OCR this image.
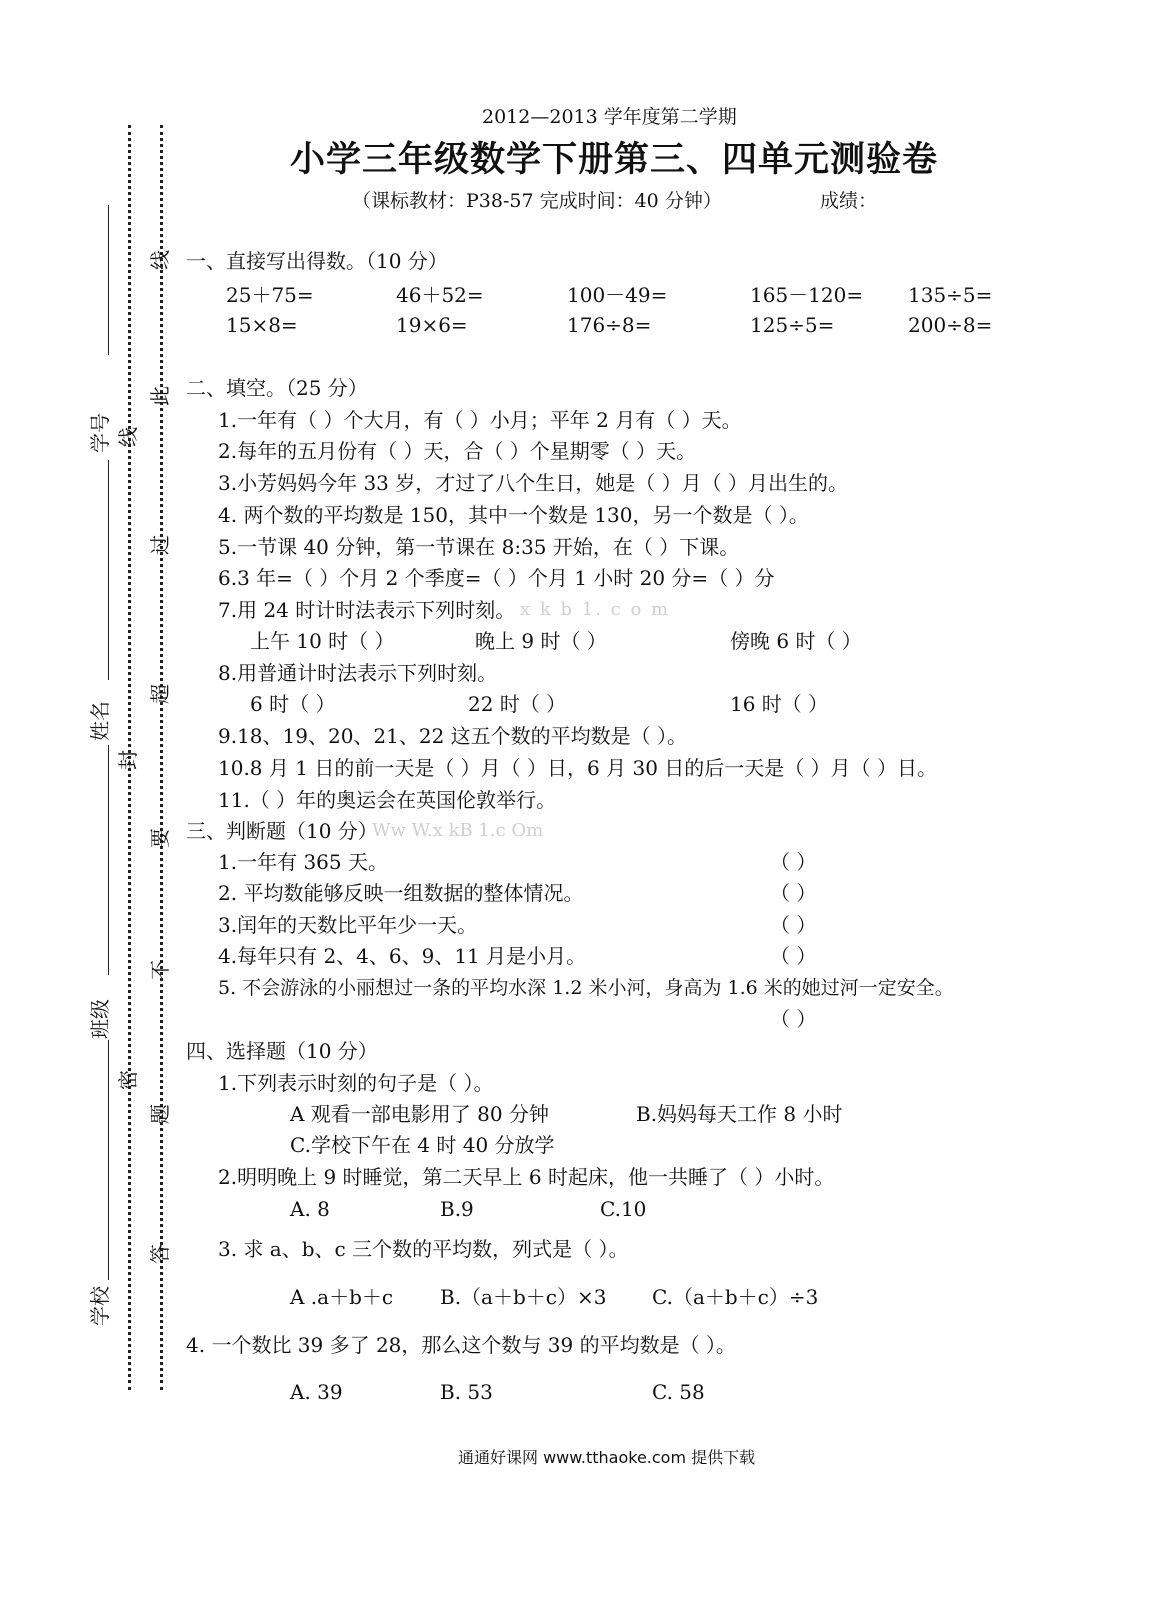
学号
姓名
班级
学校
线
此
线
过
超
封
要
不
密
题
答
2012—2013 学年度第二学期
小学三年级数学下册第三、四单元测验卷
（课标教材：P38-57 完成时间：40 分钟）	成绩：
一、直接写出得数。（10 分）
25＋75=	46＋52=	100－49=	165－120= 135÷5=
15×8=	19×6=	176÷8=	125÷5=	200÷8=
二、填空。（25 分）
1.一年有（ ）个大月，有（ ）小月；平年 2 月有（ ）天。
2.每年的五月份有（ ）天，合（ ）个星期零（ ）天。
3.小芳妈妈今年 33 岁，才过了八个生日，她是（ ）月（ ）月出生的。
4. 两个数的平均数是 150，其中一个数是 130，另一个数是（ ）。
5.一节课 40 分钟，第一节课在 8:35 开始，在（ ）下课。
6.3 年=（ ）个月 2 个季度=（ ）个月 1 小时 20 分=（ ）分
7.用 24 时计时法表示下列时刻。 x k b 1. c o m
上午 10 时（ ）	晚上 9 时（ ）	傍晚 6 时（ ）
8.用普通计时法表示下列时刻。
6 时（ ）	22 时（ ）	16 时（ ）
9.18、19、20、21、22 这五个数的平均数是（ ）。
10.8 月 1 日的前一天是（ ）月（ ）日，6 月 30 日的后一天是（ ）月（ ）日。
11.（ ）年的奥运会在英国伦敦举行。
三、判断题（10 分）
Ww W.x kB 1.c Om
1.一年有 365 天。	（ ）
2. 平均数能够反映一组数据的整体情况。	（ ）
3.闰年的天数比平年少一天。	（ ）
4.每年只有 2、4、6、9、11 月是小月。	（ ）
5. 不会游泳的小丽想过一条的平均水深 1.2 米小河，身高为 1.6 米的她过河一定安全。
（ ）
四、选择题（10 分）
1.下列表示时刻的句子是（ ）。
A 观看一部电影用了 80 分钟	B.妈妈每天工作 8 小时
C.学校下午在 4 时 40 分放学
2.明明晚上 9 时睡觉，第二天早上 6 时起床，他一共睡了（ ）小时。
A. 8	B.9	C.10
3. 求 a、b、c 三个数的平均数，列式是（ ）。
A .a＋b＋c B.（a＋b＋c）×3 C.（a＋b＋c）÷3
4. 一个数比 39 多了 28，那么这个数与 39 的平均数是（ ）。
A. 39	B. 53	C. 58
通通好课网 www.tthaoke.com 提供下载
